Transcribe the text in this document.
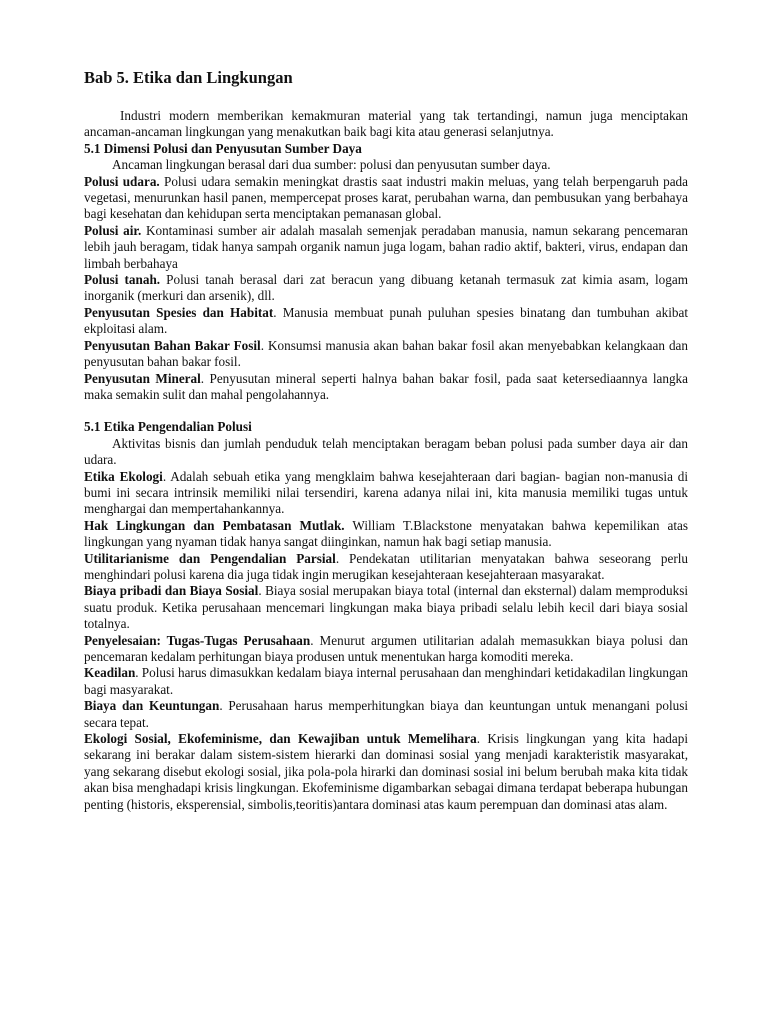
Bab 5. Etika dan Lingkungan

Industri modern memberikan kemakmuran material yang tak tertandingi, namun juga menciptakan ancaman-ancaman lingkungan yang menakutkan baik bagi kita atau generasi selanjutnya.

5.1 Dimensi Polusi dan Penyusutan Sumber Daya

Ancaman lingkungan berasal dari dua sumber: polusi dan penyusutan sumber daya.

Polusi udara. Polusi udara semakin meningkat drastis saat industri makin meluas, yang telah berpengaruh pada vegetasi, menurunkan hasil panen, mempercepat proses karat, perubahan warna, dan pembusukan yang berbahaya bagi kesehatan dan kehidupan serta menciptakan pemanasan global.

Polusi air. Kontaminasi sumber air adalah masalah semenjak peradaban manusia, namun sekarang pencemaran lebih jauh beragam, tidak hanya sampah organik namun juga logam, bahan radio aktif, bakteri, virus, endapan dan limbah berbahaya

Polusi tanah. Polusi tanah berasal dari zat beracun yang dibuang ketanah termasuk zat kimia asam, logam inorganik (merkuri dan arsenik), dll.

Penyusutan Spesies dan Habitat. Manusia membuat punah puluhan spesies binatang dan tumbuhan akibat ekploitasi alam.

Penyusutan Bahan Bakar Fosil. Konsumsi manusia akan bahan bakar fosil akan menyebabkan kelangkaan dan penyusutan bahan bakar fosil.

Penyusutan Mineral. Penyusutan mineral seperti halnya bahan bakar fosil, pada saat ketersediaannya langka maka semakin sulit dan mahal pengolahannya.

5.1 Etika Pengendalian Polusi

Aktivitas bisnis dan jumlah penduduk telah menciptakan beragam beban polusi pada sumber daya air dan udara.

Etika Ekologi. Adalah sebuah etika yang mengklaim bahwa kesejahteraan dari bagian- bagian non-manusia di bumi ini secara intrinsik memiliki nilai tersendiri, karena adanya nilai ini, kita manusia memiliki tugas untuk menghargai dan mempertahankannya.

Hak Lingkungan dan Pembatasan Mutlak. William T.Blackstone menyatakan bahwa kepemilikan atas lingkungan yang nyaman tidak hanya sangat diinginkan, namun hak bagi setiap manusia.

Utilitarianisme dan Pengendalian Parsial. Pendekatan utilitarian menyatakan bahwa seseorang perlu menghindari polusi karena dia juga tidak ingin merugikan kesejahteraan kesejahteraan masyarakat.

Biaya pribadi dan Biaya Sosial. Biaya sosial merupakan biaya total (internal dan eksternal) dalam memproduksi suatu produk. Ketika perusahaan mencemari lingkungan maka biaya pribadi selalu lebih kecil dari biaya sosial totalnya.

Penyelesaian: Tugas-Tugas Perusahaan. Menurut argumen utilitarian adalah memasukkan biaya polusi dan pencemaran kedalam perhitungan biaya produsen untuk menentukan harga komoditi mereka.

Keadilan. Polusi harus dimasukkan kedalam biaya internal perusahaan dan menghindari ketidakadilan lingkungan bagi masyarakat.

Biaya dan Keuntungan. Perusahaan harus memperhitungkan biaya dan keuntungan untuk menangani polusi secara tepat.

Ekologi Sosial, Ekofeminisme, dan Kewajiban untuk Memelihara. Krisis lingkungan yang kita hadapi sekarang ini berakar dalam sistem-sistem hierarki dan dominasi sosial yang menjadi karakteristik masyarakat, yang sekarang disebut ekologi sosial, jika pola-pola hirarki dan dominasi sosial ini belum berubah maka kita tidak akan bisa menghadapi krisis lingkungan. Ekofeminisme digambarkan sebagai dimana terdapat beberapa hubungan penting (historis, eksperensial, simbolis,teoritis)antara dominasi atas kaum perempuan dan dominasi atas alam.
